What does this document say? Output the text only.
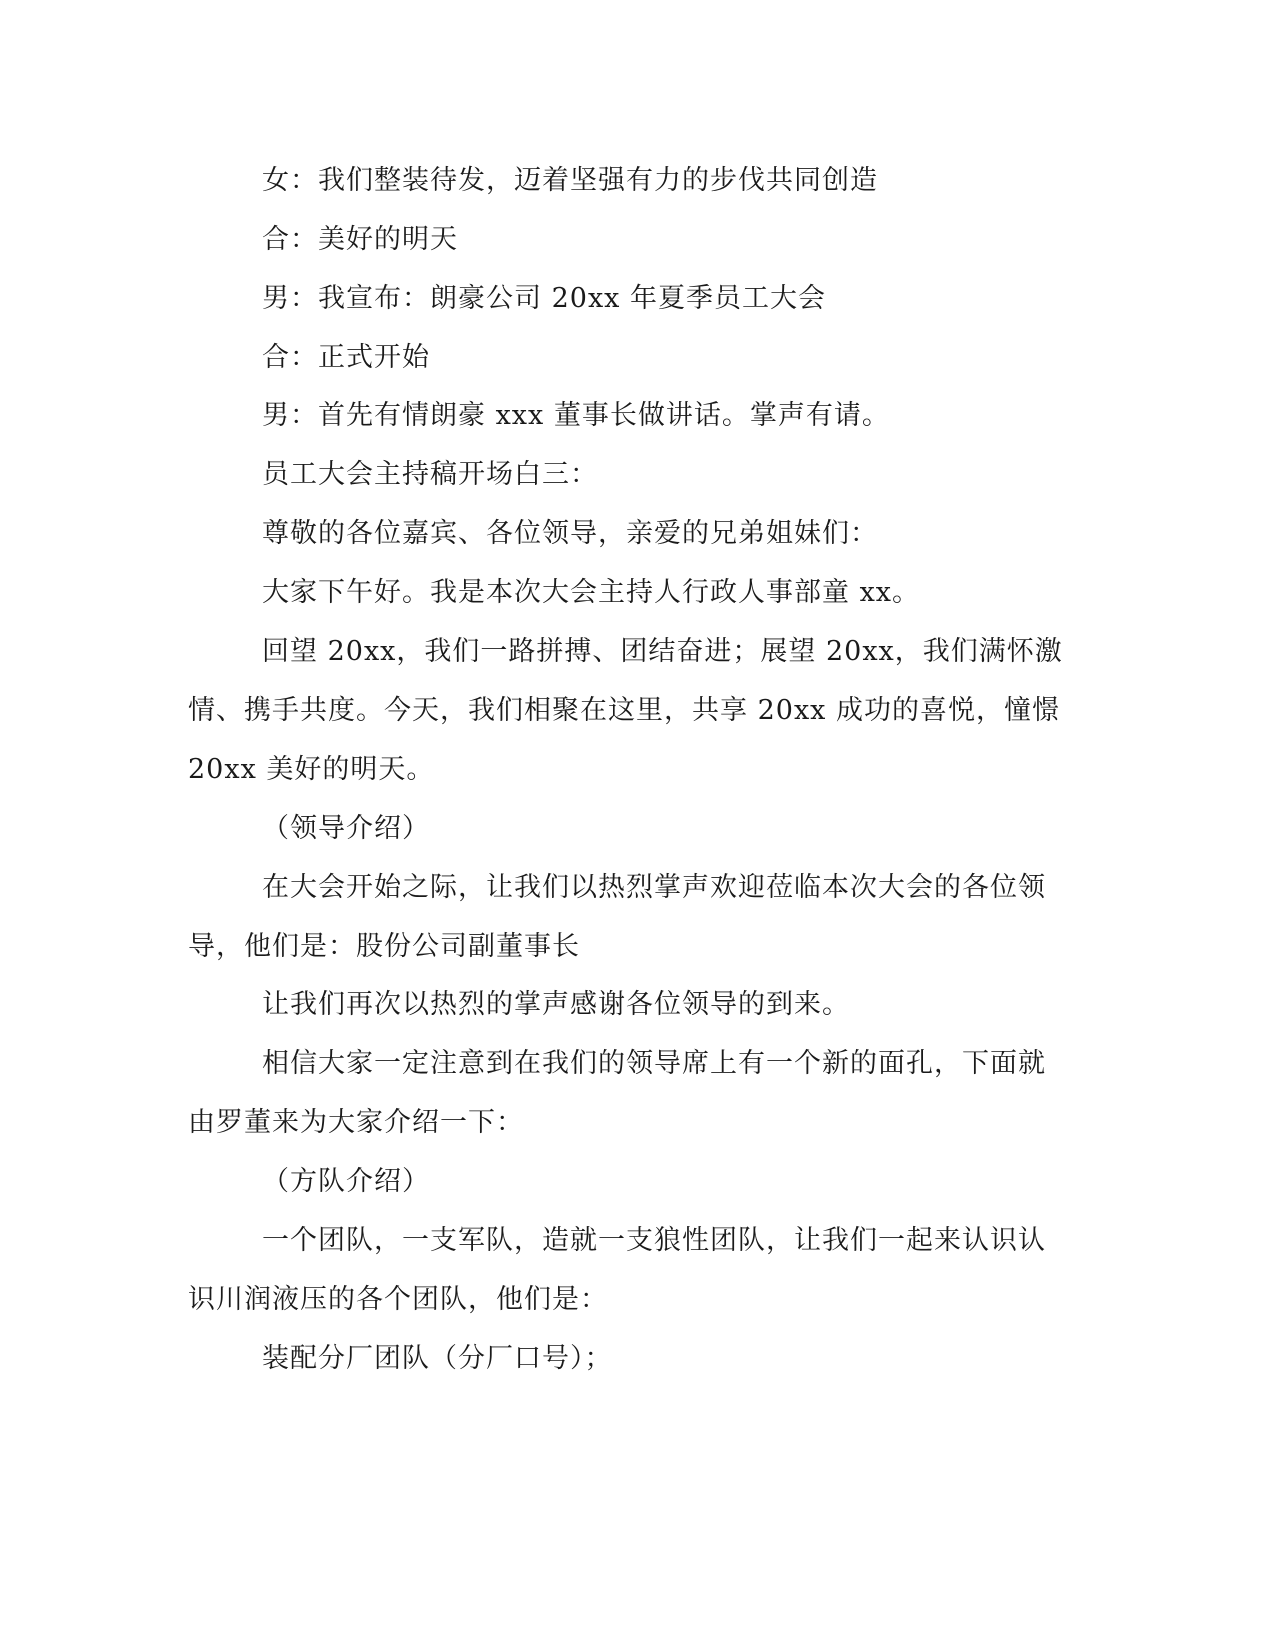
女：我们整装待发，迈着坚强有力的步伐共同创造

合：美好的明天

男：我宣布：朗豪公司 20xx 年夏季员工大会

合：正式开始

男：首先有情朗豪 xxx 董事长做讲话。掌声有请。

员工大会主持稿开场白三：

尊敬的各位嘉宾、各位领导，亲爱的兄弟姐妹们：

大家下午好。我是本次大会主持人行政人事部童 xx。

回望 20xx，我们一路拼搏、团结奋进；展望 20xx，我们满怀激

情、携手共度。今天，我们相聚在这里，共享 20xx 成功的喜悦，憧憬

20xx 美好的明天。

（领导介绍）

在大会开始之际，让我们以热烈掌声欢迎莅临本次大会的各位领

导，他们是：股份公司副董事长

让我们再次以热烈的掌声感谢各位领导的到来。

相信大家一定注意到在我们的领导席上有一个新的面孔，下面就

由罗董来为大家介绍一下：

（方队介绍）

一个团队，一支军队，造就一支狼性团队，让我们一起来认识认

识川润液压的各个团队，他们是：

装配分厂团队（分厂口号）；
